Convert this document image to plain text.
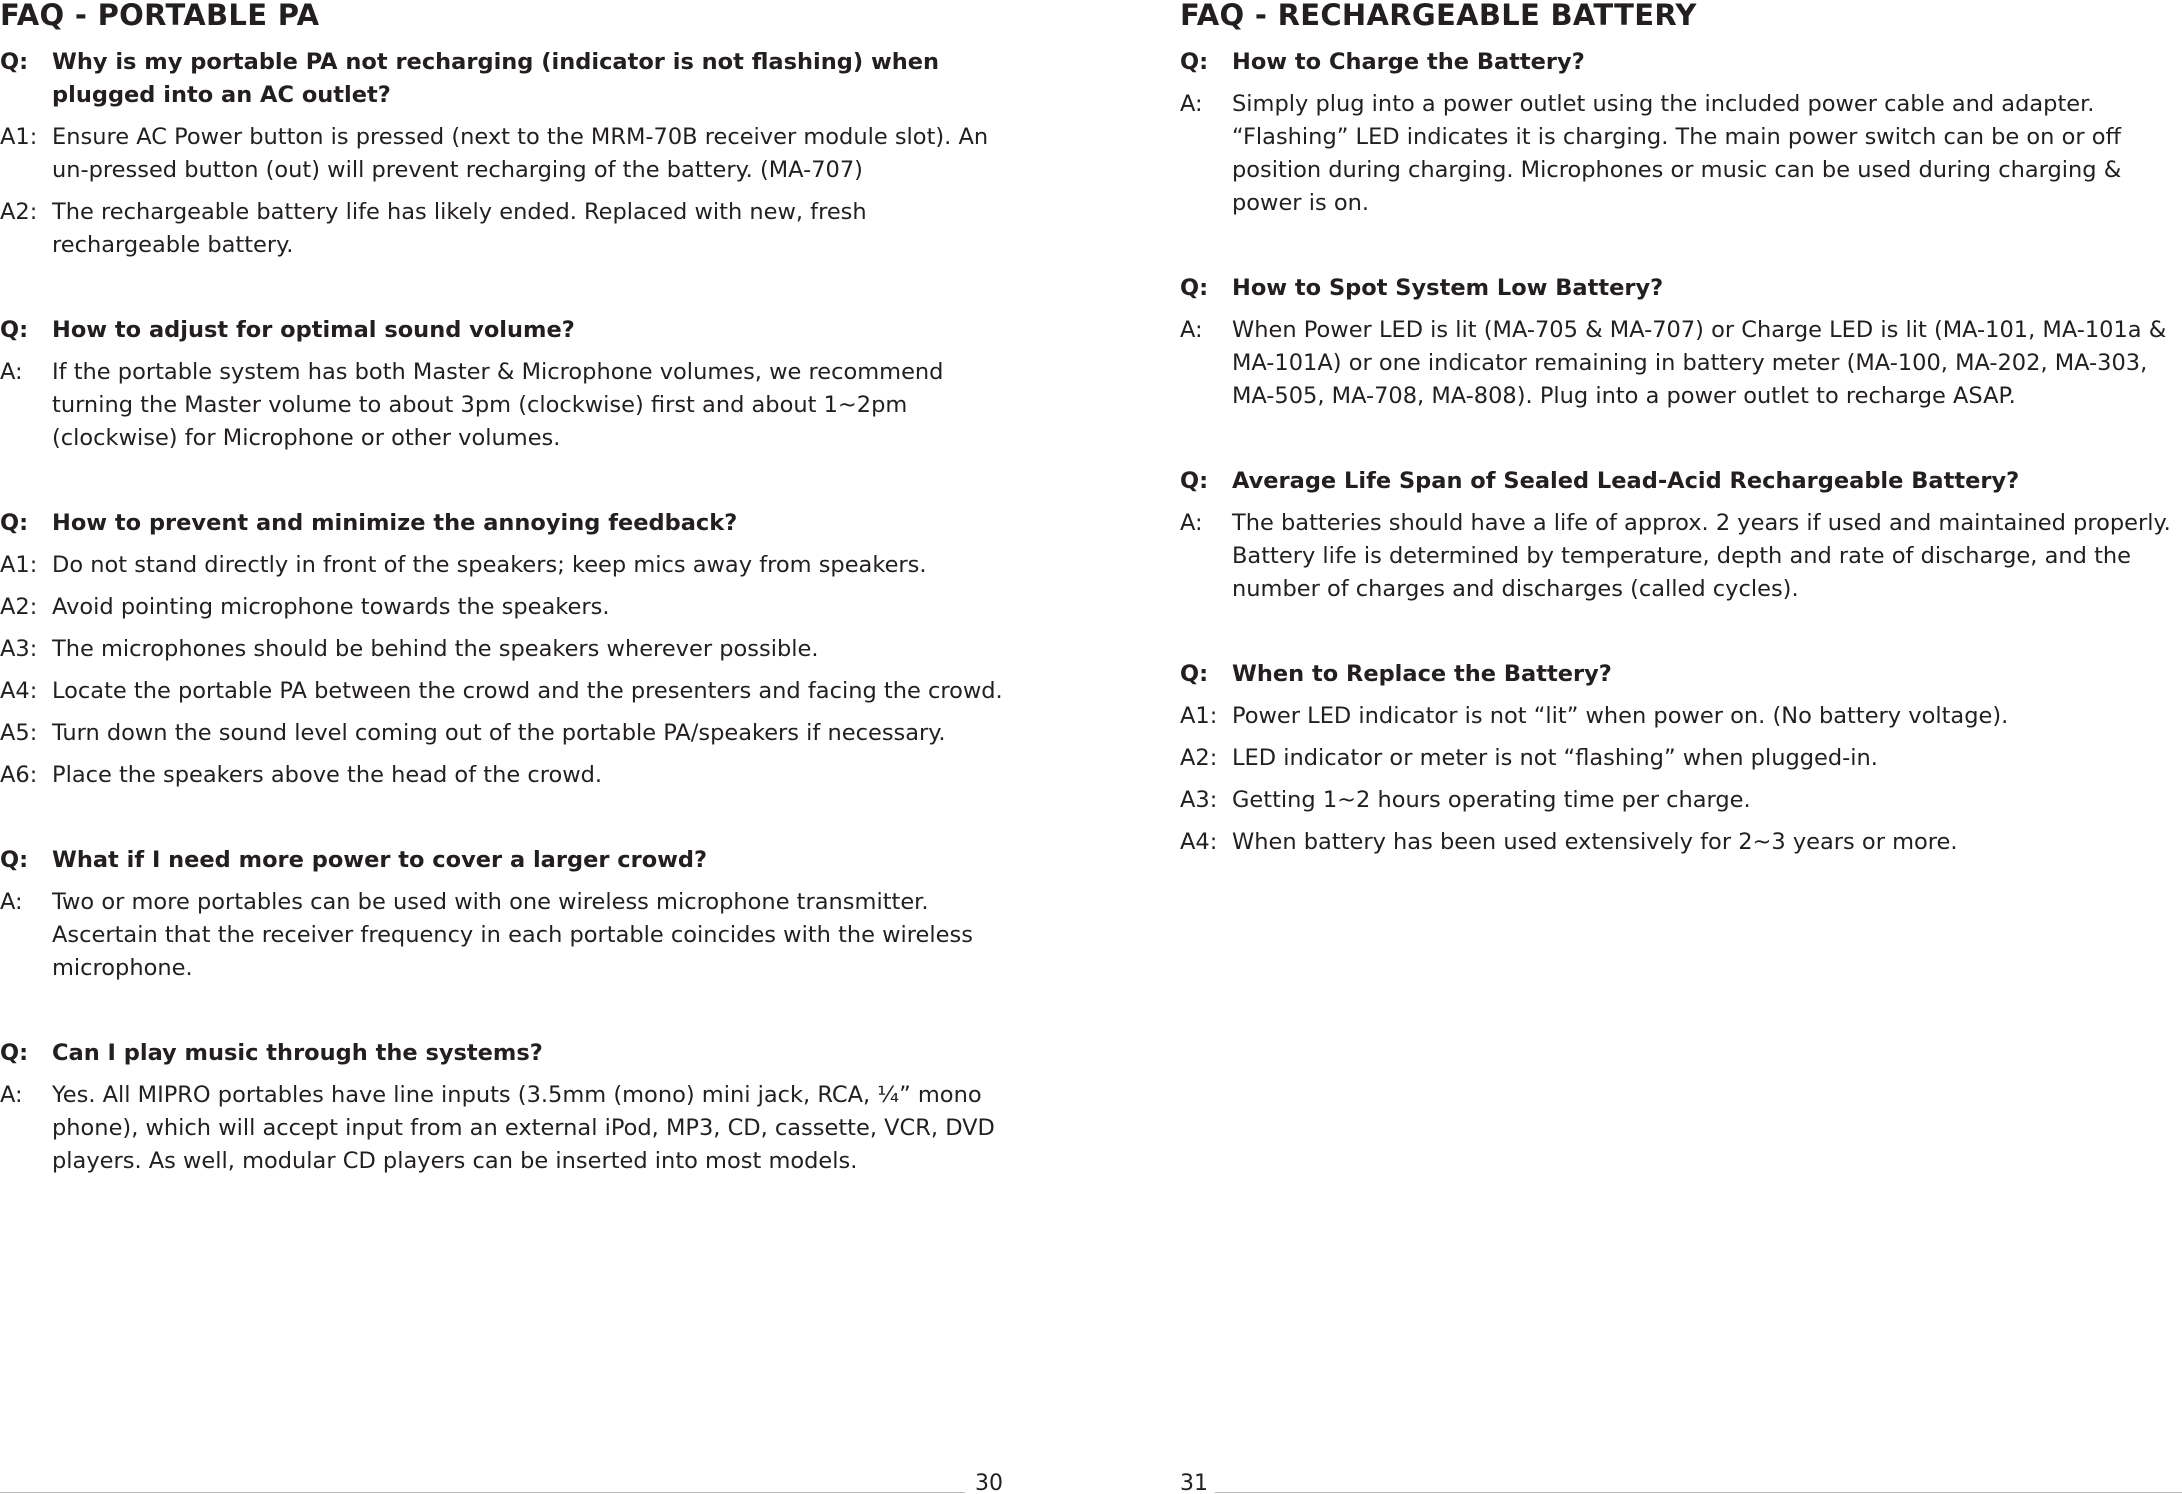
FAQ - PORTABLE PA
Q:	Why is my portable PA not recharging (indicator is not flashing) when plugged into an AC outlet?
A1: Ensure AC Power button is pressed (next to the MRM-70B receiver module slot). An un-pressed button (out) will prevent recharging of the battery. (MA-707)
A2: The rechargeable battery life has likely ended. Replaced with new, fresh rechargeable battery.
Q:	How to adjust for optimal sound volume?
A:	If the portable system has both Master & Microphone volumes, we recommend turning the Master volume to about 3pm (clockwise) first and about 1~2pm (clockwise) for Microphone or other volumes.
Q:	How to prevent and minimize the annoying feedback?
A1: Do not stand directly in front of the speakers; keep mics away from speakers.
A2: Avoid pointing microphone towards the speakers.
A3: The microphones should be behind the speakers wherever possible.
A4: Locate the portable PA between the crowd and the presenters and facing the crowd.
A5: Turn down the sound level coming out of the portable PA/speakers if necessary.
A6: Place the speakers above the head of the crowd.
Q:	What if I need more power to cover a larger crowd?
A:	Two or more portables can be used with one wireless microphone transmitter. Ascertain that the receiver frequency in each portable coincides with the wireless microphone.
Q:	Can I play music through the systems?
A:	Yes. All MIPRO portables have line inputs (3.5mm (mono) mini jack, RCA, ¼” mono phone), which will accept input from an external iPod, MP3, CD, cassette, VCR, DVD players. As well, modular CD players can be inserted into most models.
FAQ - RECHARGEABLE BATTERY
Q:	How to Charge the Battery?
A:	Simply plug into a power outlet using the included power cable and adapter. “Flashing” LED indicates it is charging. The main power switch can be on or off position during charging. Microphones or music can be used during charging & power is on.
Q:	How to Spot System Low Battery?
A:	When Power LED is lit (MA-705 & MA-707) or Charge LED is lit (MA-101, MA-101a & MA-101A) or one indicator remaining in battery meter (MA-100, MA-202, MA-303, MA-505, MA-708, MA-808). Plug into a power outlet to recharge ASAP.
Q:	Average Life Span of Sealed Lead-Acid Rechargeable Battery?
A:	The batteries should have a life of approx. 2 years if used and maintained properly. Battery life is determined by temperature, depth and rate of discharge, and the number of charges and discharges (called cycles).
Q:	When to Replace the Battery?
A1: Power LED indicator is not “lit” when power on. (No battery voltage).
A2: LED indicator or meter is not “flashing” when plugged-in.
A3: Getting 1~2 hours operating time per charge.
A4: When battery has been used extensively for 2~3 years or more.
30	31
